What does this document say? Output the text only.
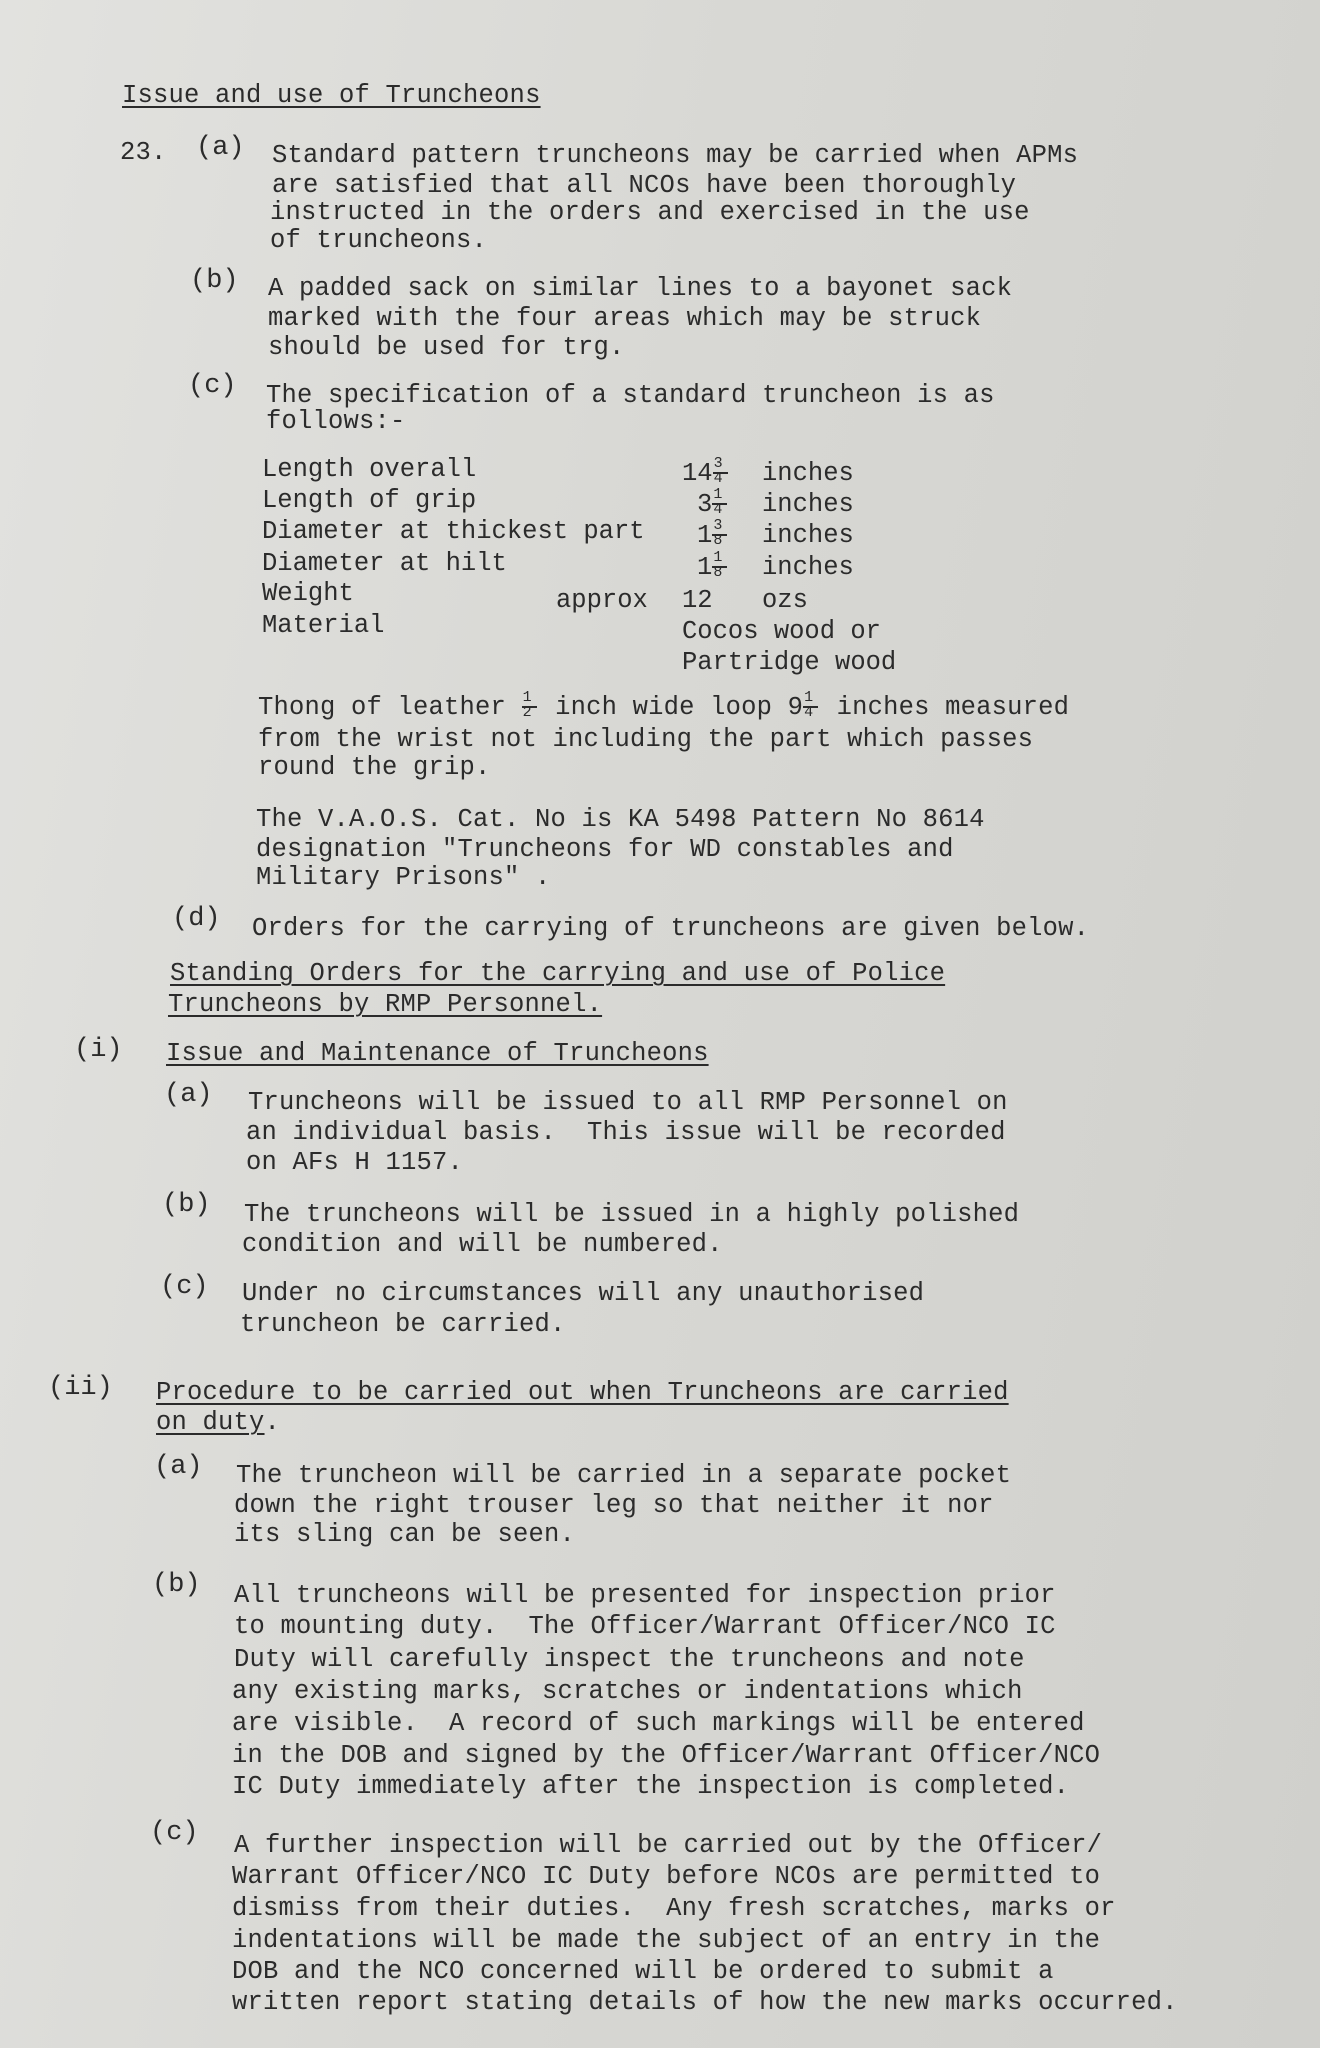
Issue and use of Truncheons
23. (a) Standard pattern truncheons may be carried when APMs
are satisfied that all NCOs have been thoroughly
instructed in the orders and exercised in the use
of truncheons.
(b) A padded sack on similar lines to a bayonet sack
marked with the four areas which may be struck
should be used for trg.
(c) The specification of a standard truncheon is as
follows:-
Length overall	$14 \frac{3}{4}$ inches
Length of grip	$3 \frac{1}{4}$ inches
Diameter at thickest part $1 \frac{3}{8}$ inches
Diameter at hilt	$1 \frac{1}{8}$ inches
Weight	approx 12 ozs
Material	Cocos wood or
Partridge wood
Thong of leather $\frac{1}{2}$ inch wide loop $9 \frac{1}{4}$ inches measured
from the wrist not including the part which passes
round the grip.
The V.A.O.S. Cat. No is KA 5498 Pattern No 8614
designation "Truncheons for WD constables and
Military Prisons" .
(d) Orders for the carrying of truncheons are given below.
Standing Orders for the carrying and use of Police
Truncheons by RMP Personnel.
(i) Issue and Maintenance of Truncheons
(a) Truncheons will be issued to all RMP Personnel on
an individual basis.  This issue will be recorded
on AFs H 1157.
(b) The truncheons will be issued in a highly polished
condition and will be numbered.
(c) Under no circumstances will any unauthorised
truncheon be carried.
(ii) Procedure to be carried out when Truncheons are carried
on duty.
(a) The truncheon will be carried in a separate pocket
down the right trouser leg so that neither it nor
its sling can be seen.
(b) All truncheons will be presented for inspection prior
to mounting duty.  The Officer/Warrant Officer/NCO IC
Duty will carefully inspect the truncheons and note
any existing marks, scratches or indentations which
are visible.  A record of such markings will be entered
in the DOB and signed by the Officer/Warrant Officer/NCO
IC Duty immediately after the inspection is completed.
(c) A further inspection will be carried out by the Officer/
Warrant Officer/NCO IC Duty before NCOs are permitted to
dismiss from their duties.  Any fresh scratches, marks or
indentations will be made the subject of an entry in the
DOB and the NCO concerned will be ordered to submit a
written report stating details of how the new marks occurred.
